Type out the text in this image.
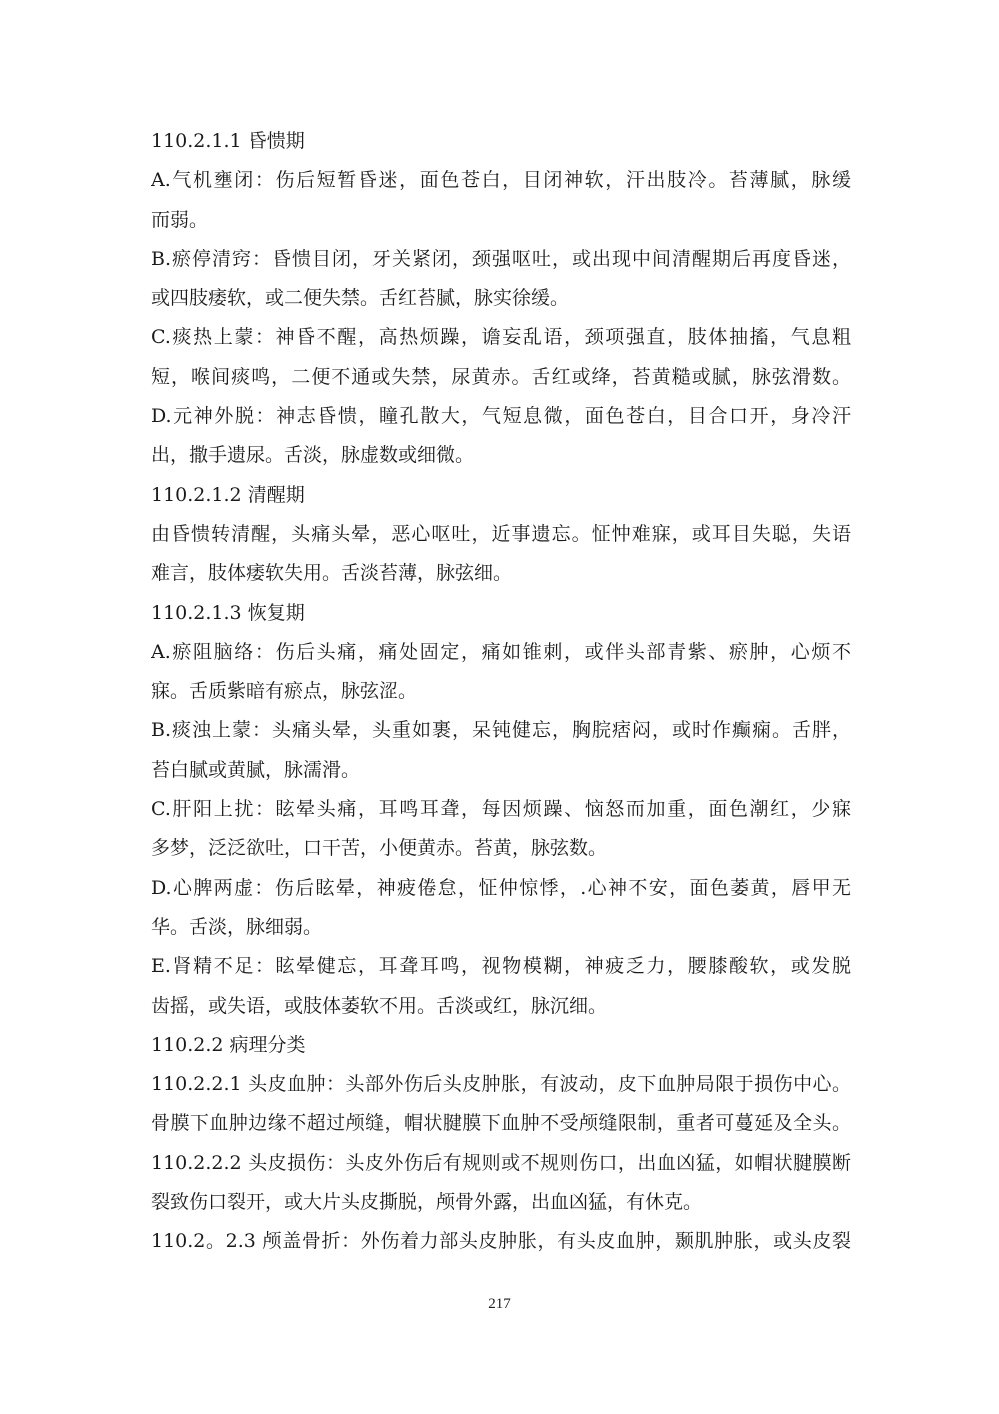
110.2.1.1 昏愦期
A.气机壅闭：伤后短暂昏迷，面色苍白，目闭神软，汗出肢冷。苔薄腻，脉缓
而弱。
B.瘀停清窍：昏愦目闭，牙关紧闭，颈强呕吐，或出现中间清醒期后再度昏迷，
或四肢痿软，或二便失禁。舌红苔腻，脉实徐缓。
C.痰热上蒙：神昏不醒，高热烦躁，谵妄乱语，颈项强直，肢体抽搐，气息粗
短，喉间痰鸣，二便不通或失禁，尿黄赤。舌红或绛，苔黄糙或腻，脉弦滑数。
D.元神外脱：神志昏愦，瞳孔散大，气短息微，面色苍白，目合口开，身冷汗
出，撒手遗尿。舌淡，脉虚数或细微。
110.2.1.2 清醒期
由昏愦转清醒，头痛头晕，恶心呕吐，近事遗忘。怔忡难寐，或耳目失聪，失语
难言，肢体痿软失用。舌淡苔薄，脉弦细。
110.2.1.3 恢复期
A.瘀阻脑络：伤后头痛，痛处固定，痛如锥刺，或伴头部青紫、瘀肿，心烦不
寐。舌质紫暗有瘀点，脉弦涩。
B.痰浊上蒙：头痛头晕，头重如裹，呆钝健忘，胸脘痞闷，或时作癫痫。舌胖，
苔白腻或黄腻，脉濡滑。
C.肝阳上扰：眩晕头痛，耳鸣耳聋，每因烦躁、恼怒而加重，面色潮红，少寐
多梦，泛泛欲吐，口干苦，小便黄赤。苔黄，脉弦数。
D.心脾两虚：伤后眩晕，神疲倦怠，怔仲惊悸，.心神不安，面色萎黄，唇甲无
华。舌淡，脉细弱。
E.肾精不足：眩晕健忘，耳聋耳鸣，视物模糊，神疲乏力，腰膝酸软，或发脱
齿摇，或失语，或肢体萎软不用。舌淡或红，脉沉细。
110.2.2 病理分类
110.2.2.1 头皮血肿：头部外伤后头皮肿胀，有波动，皮下血肿局限于损伤中心。
骨膜下血肿边缘不超过颅缝，帽状腱膜下血肿不受颅缝限制，重者可蔓延及全头。
110.2.2.2 头皮损伤：头皮外伤后有规则或不规则伤口，出血凶猛，如帽状腱膜断
裂致伤口裂开，或大片头皮撕脱，颅骨外露，出血凶猛，有休克。
110.2。2.3 颅盖骨折：外伤着力部头皮肿胀，有头皮血肿，颞肌肿胀，或头皮裂
217
